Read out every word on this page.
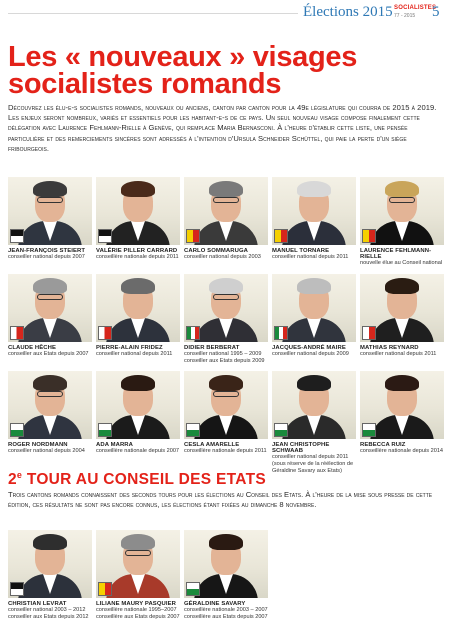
Élections 2015 SOCIALISTES
77 - 2015 5
Les « nouveaux » visages socialistes romands

Découvrez les élu-e-s socialistes romands, nouveaux ou anciens, canton par canton pour la 49e législature qui courra de 2015 à 2019. Les enjeux seront nombreux, variés et essentiels pour les habitant-e-s de ce pays. Un seul nouveau visage compose finalement cette délégation avec Laurence Fehlmann-Rielle à Genève, qui remplace Maria Bernasconi. À l'heure d'établir cette liste, une pensée particulière et des remerciements sincères sont adressés à l'intention d'Ursula Schneider Schüttel, qui paie la perte d'un siège fribourgeois.

JEAN-FRANÇOIS STEIERT
conseiller national depuis 2007
VALÉRIE PILLER CARRARD
conseillère nationale depuis 2011
CARLO SOMMARUGA
conseiller national depuis 2003
MANUEL TORNARE
conseiller national depuis 2011
LAURENCE FEHLMANN-RIELLE
nouvelle élue au Conseil national
CLAUDE HÊCHE
conseiller aux Etats depuis 2007
PIERRE-ALAIN FRIDEZ
conseiller national depuis 2011
DIDIER BERBERAT
conseiller national 1995 – 2009 conseiller aux Etats depuis 2009
JACQUES-ANDRÉ MAIRE
conseiller national depuis 2009
MATHIAS REYNARD
conseiller national depuis 2011
ROGER NORDMANN
conseiller national depuis 2004
ADA MARRA
conseillère nationale depuis 2007
CESLA AMARELLE
conseillère nationale depuis 2011
JEAN CHRISTOPHE SCHWAAB
conseiller national depuis 2011 (sous réserve de la réélection de Géraldine Savary aux Etats)
REBECCA RUIZ
conseillère nationale depuis 2014
2e TOUR AU CONSEIL DES ETATS

Trois cantons romands connaissent des seconds tours pour les élections au Conseil des Etats. À l'heure de la mise sous presse de cette édition, ces résultats ne sont pas encore connus, les élections étant fixées au dimanche 8 novembre.

CHRISTIAN LEVRAT
conseiller national 2003 – 2012 conseiller aux Etats depuis 2012
LILIANE MAURY PASQUIER
conseillère nationale 1995–2007 conseillère aux Etats depuis 2007
GÉRALDINE SAVARY
conseillère nationale 2003 – 2007 conseillère aux Etats depuis 2007
